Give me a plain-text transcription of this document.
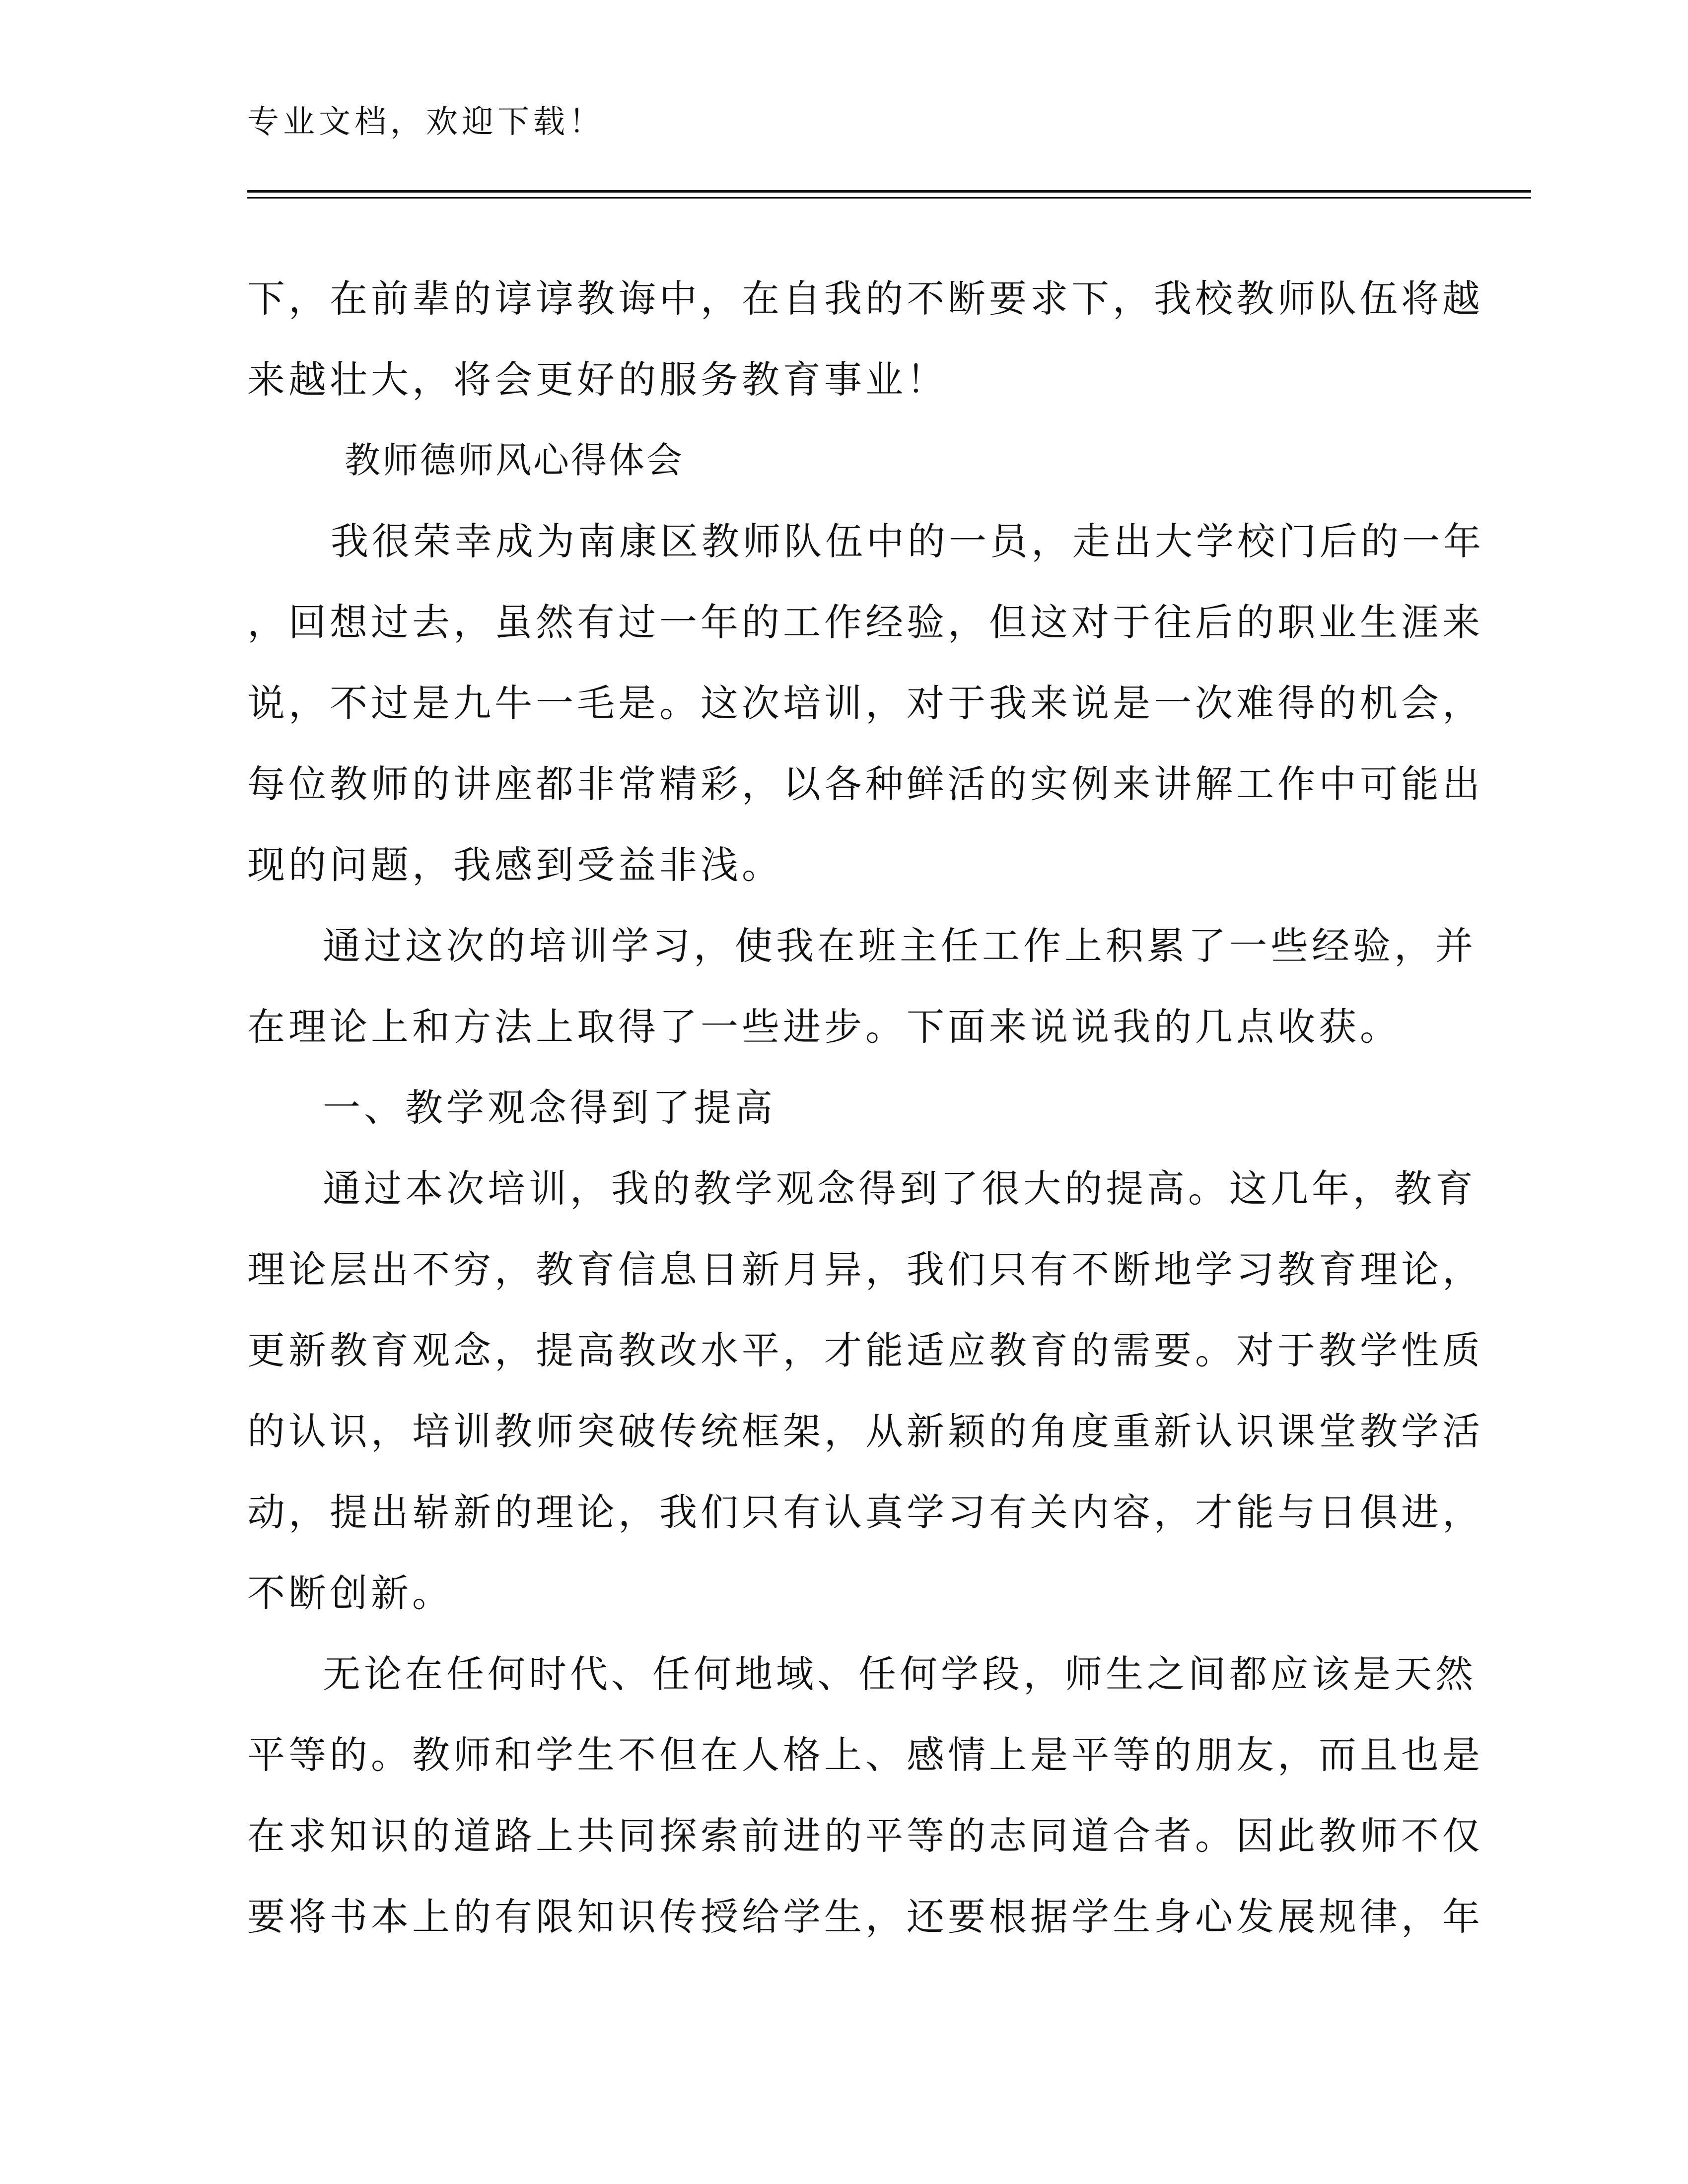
专业文档，欢迎下载！
下，在前辈的谆谆教诲中，在自我的不断要求下，我校教师队伍将越
来越壮大，将会更好的服务教育事业！
教师德师风心得体会
我很荣幸成为南康区教师队伍中的一员，走出大学校门后的一年
，回想过去，虽然有过一年的工作经验，但这对于往后的职业生涯来
说，不过是九牛一毛是。这次培训，对于我来说是一次难得的机会，
每位教师的讲座都非常精彩，以各种鲜活的实例来讲解工作中可能出
现的问题，我感到受益非浅。
通过这次的培训学习，使我在班主任工作上积累了一些经验，并
在理论上和方法上取得了一些进步。下面来说说我的几点收获。
一、教学观念得到了提高
通过本次培训，我的教学观念得到了很大的提高。这几年，教育
理论层出不穷，教育信息日新月异，我们只有不断地学习教育理论，
更新教育观念，提高教改水平，才能适应教育的需要。对于教学性质
的认识，培训教师突破传统框架，从新颖的角度重新认识课堂教学活
动，提出崭新的理论，我们只有认真学习有关内容，才能与日俱进，
不断创新。
无论在任何时代、任何地域、任何学段，师生之间都应该是天然
平等的。教师和学生不但在人格上、感情上是平等的朋友，而且也是
在求知识的道路上共同探索前进的平等的志同道合者。因此教师不仅
要将书本上的有限知识传授给学生，还要根据学生身心发展规律，年
